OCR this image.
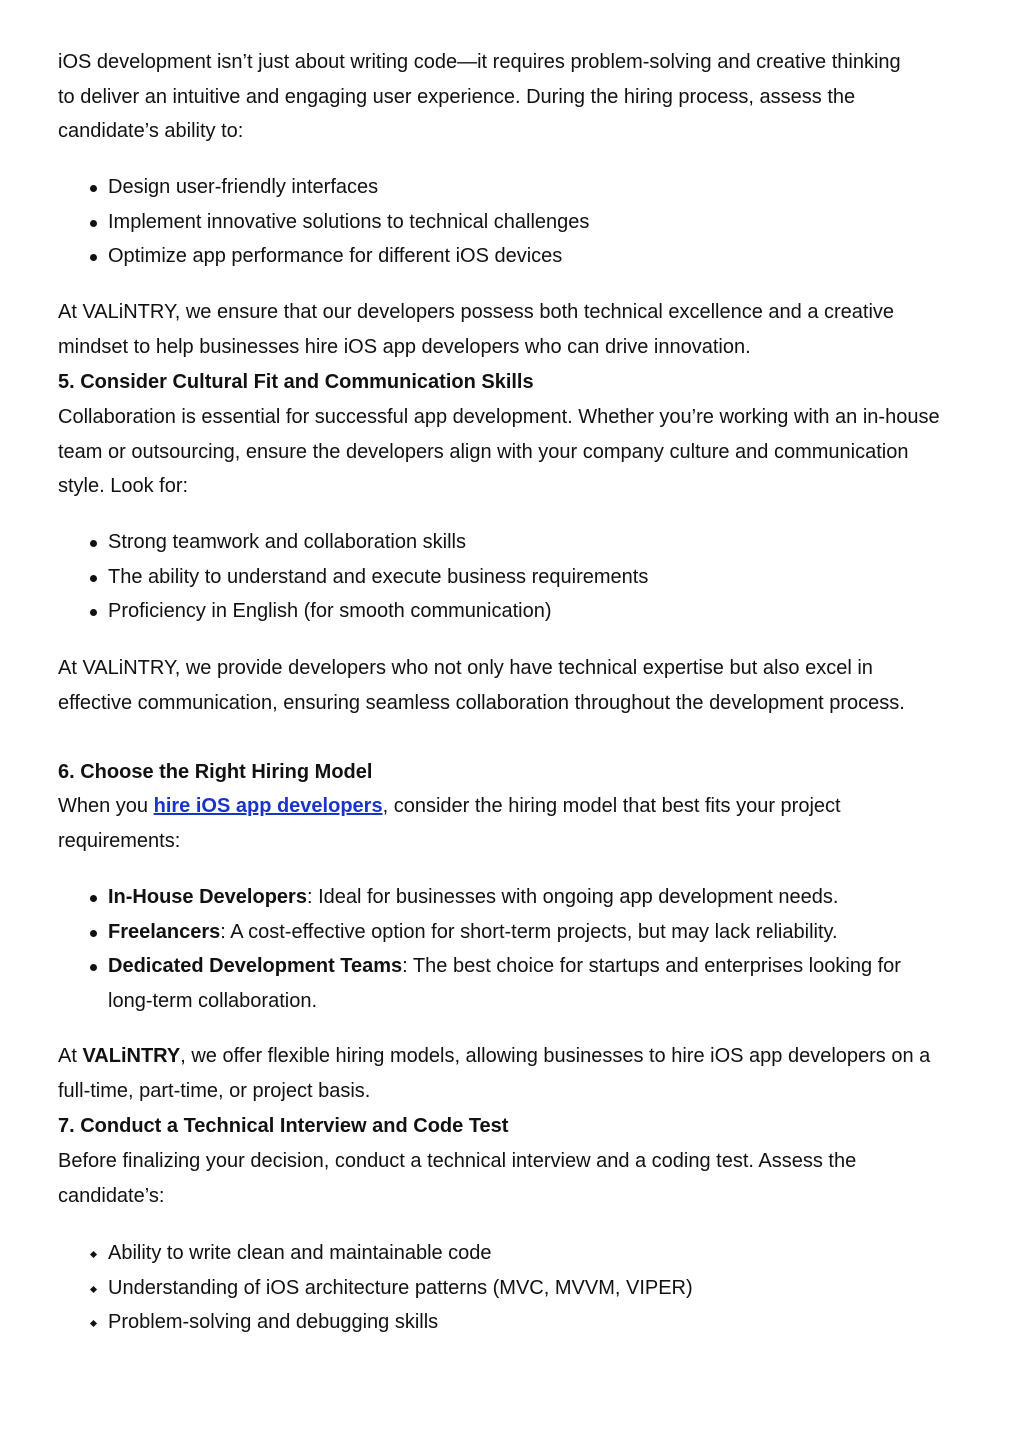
iOS development isn’t just about writing code—it requires problem-solving and creative thinking to deliver an intuitive and engaging user experience. During the hiring process, assess the candidate’s ability to:

Design user-friendly interfaces
Implement innovative solutions to technical challenges
Optimize app performance for different iOS devices

At VALiNTRY, we ensure that our developers possess both technical excellence and a creative mindset to help businesses hire iOS app developers who can drive innovation.

5. Consider Cultural Fit and Communication Skills

Collaboration is essential for successful app development. Whether you’re working with an in-house team or outsourcing, ensure the developers align with your company culture and communication style. Look for:

Strong teamwork and collaboration skills
The ability to understand and execute business requirements
Proficiency in English (for smooth communication)

At VALiNTRY, we provide developers who not only have technical expertise but also excel in effective communication, ensuring seamless collaboration throughout the development process.

6. Choose the Right Hiring Model

When you hire iOS app developers, consider the hiring model that best fits your project requirements:

In-House Developers: Ideal for businesses with ongoing app development needs.
Freelancers: A cost-effective option for short-term projects, but may lack reliability.
Dedicated Development Teams: The best choice for startups and enterprises looking for long-term collaboration.

At VALiNTRY, we offer flexible hiring models, allowing businesses to hire iOS app developers on a full-time, part-time, or project basis.

7. Conduct a Technical Interview and Code Test

Before finalizing your decision, conduct a technical interview and a coding test. Assess the candidate’s:

Ability to write clean and maintainable code
Understanding of iOS architecture patterns (MVC, MVVM, VIPER)
Problem-solving and debugging skills
